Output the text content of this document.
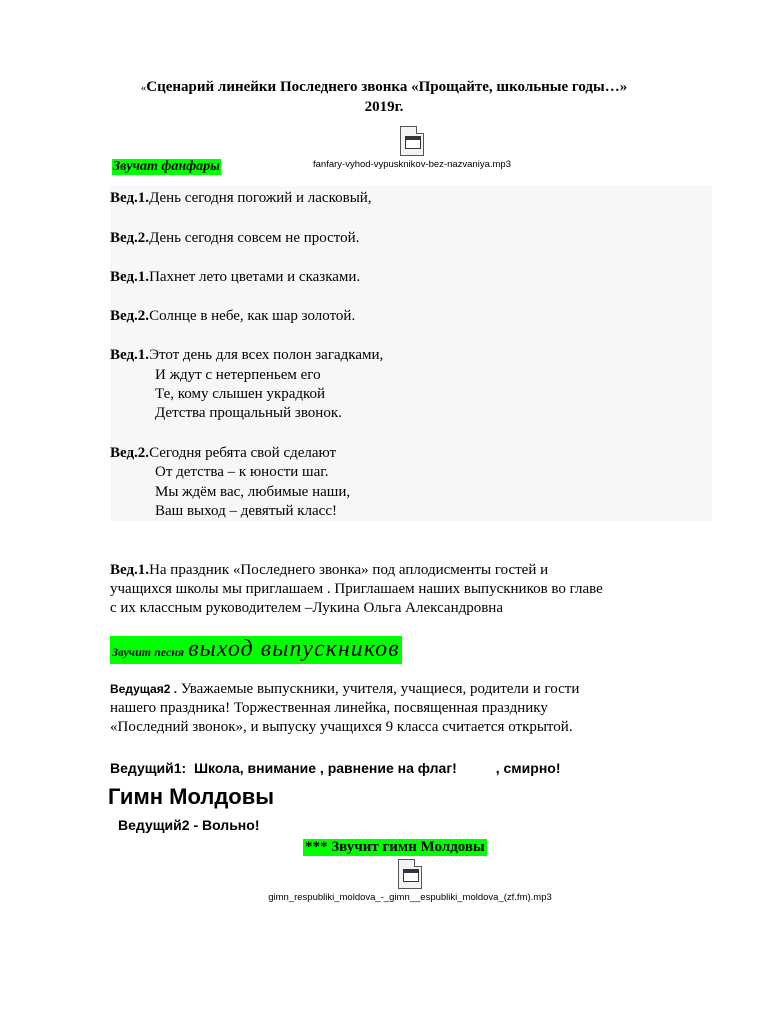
«Сценарий линейки Последнего звонка «Прощайте, школьные годы…»
2019г.
fanfary-vyhod-vypusknikov-bez-nazvaniya.mp3
Звучат фанфары
Вед.1.День сегодня погожий и ласковый,
Вед.2.День сегодня совсем не простой.
Вед.1.Пахнет лето цветами и сказками.
Вед.2.Солнце в небе, как шар золотой.
Вед.1.Этот день для всех полон загадками,
И ждут с нетерпеньем его
Те, кому слышен украдкой
Детства прощальный звонок.
Вед.2.Сегодня ребята свой сделают
От детства – к юности шаг.
Мы ждём вас, любимые наши,
Ваш выход – девятый класс!
Вед.1.На праздник «Последнего звонка» под аплодисменты гостей и
учащихся школы мы приглашаем . Приглашаем наших выпускников во главе
с их классным руководителем –Лукина Ольга Александровна
Звучит песня выход выпускников
Ведущая2 . Уважаемые выпускники, учителя, учащиеся, родители и гости
нашего праздника! Торжественная линейка, посвященная празднику
«Последний звонок», и выпуску учащихся 9 класса считается открытой.
Ведущий1:  Школа, внимание , равнение на флаг!	, смирно!
Гимн Молдовы
Ведущий2 - Вольно!
*** Звучит гимн Молдовы
gimn_respubliki_moldova_-_gimn__espubliki_moldova_(zf.fm).mp3
